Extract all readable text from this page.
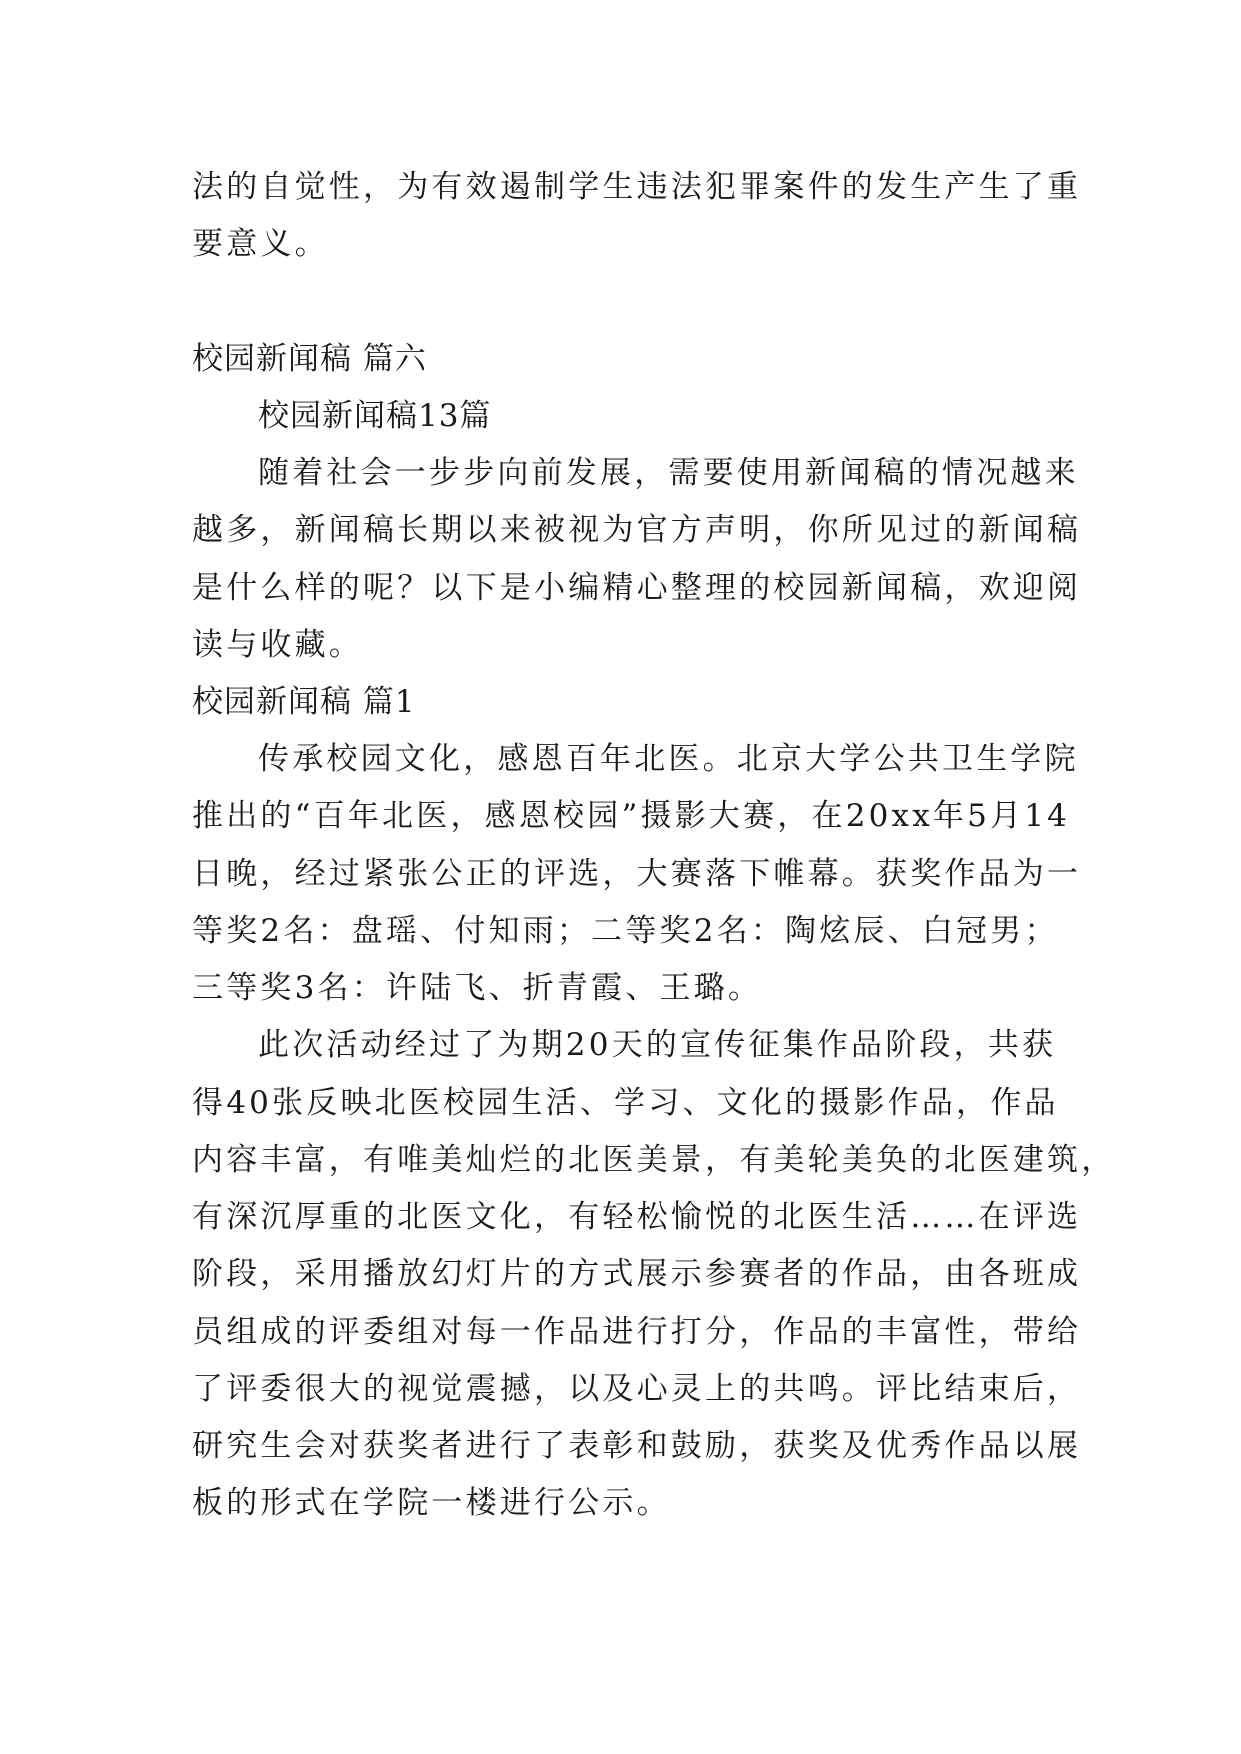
法的自觉性，为有效遏制学生违法犯罪案件的发生产生了重
要意义。
校园新闻稿 篇六
校园新闻稿13篇
随着社会一步步向前发展，需要使用新闻稿的情况越来
越多，新闻稿长期以来被视为官方声明，你所见过的新闻稿
是什么样的呢？以下是小编精心整理的校园新闻稿，欢迎阅
读与收藏。
校园新闻稿 篇1
传承校园文化，感恩百年北医。北京大学公共卫生学院
推出的“百年北医，感恩校园”摄影大赛，在20xx年5月14
日晚，经过紧张公正的评选，大赛落下帷幕。获奖作品为一
等奖2名：盘瑶、付知雨；二等奖2名：陶炫辰、白冠男；
三等奖3名：许陆飞、折青霞、王璐。
此次活动经过了为期20天的宣传征集作品阶段，共获
得40张反映北医校园生活、学习、文化的摄影作品，作品
内容丰富，有唯美灿烂的北医美景，有美轮美奂的北医建筑，
有深沉厚重的北医文化，有轻松愉悦的北医生活……在评选
阶段，采用播放幻灯片的方式展示参赛者的作品，由各班成
员组成的评委组对每一作品进行打分，作品的丰富性，带给
了评委很大的视觉震撼，以及心灵上的共鸣。评比结束后，
研究生会对获奖者进行了表彰和鼓励，获奖及优秀作品以展
板的形式在学院一楼进行公示。
